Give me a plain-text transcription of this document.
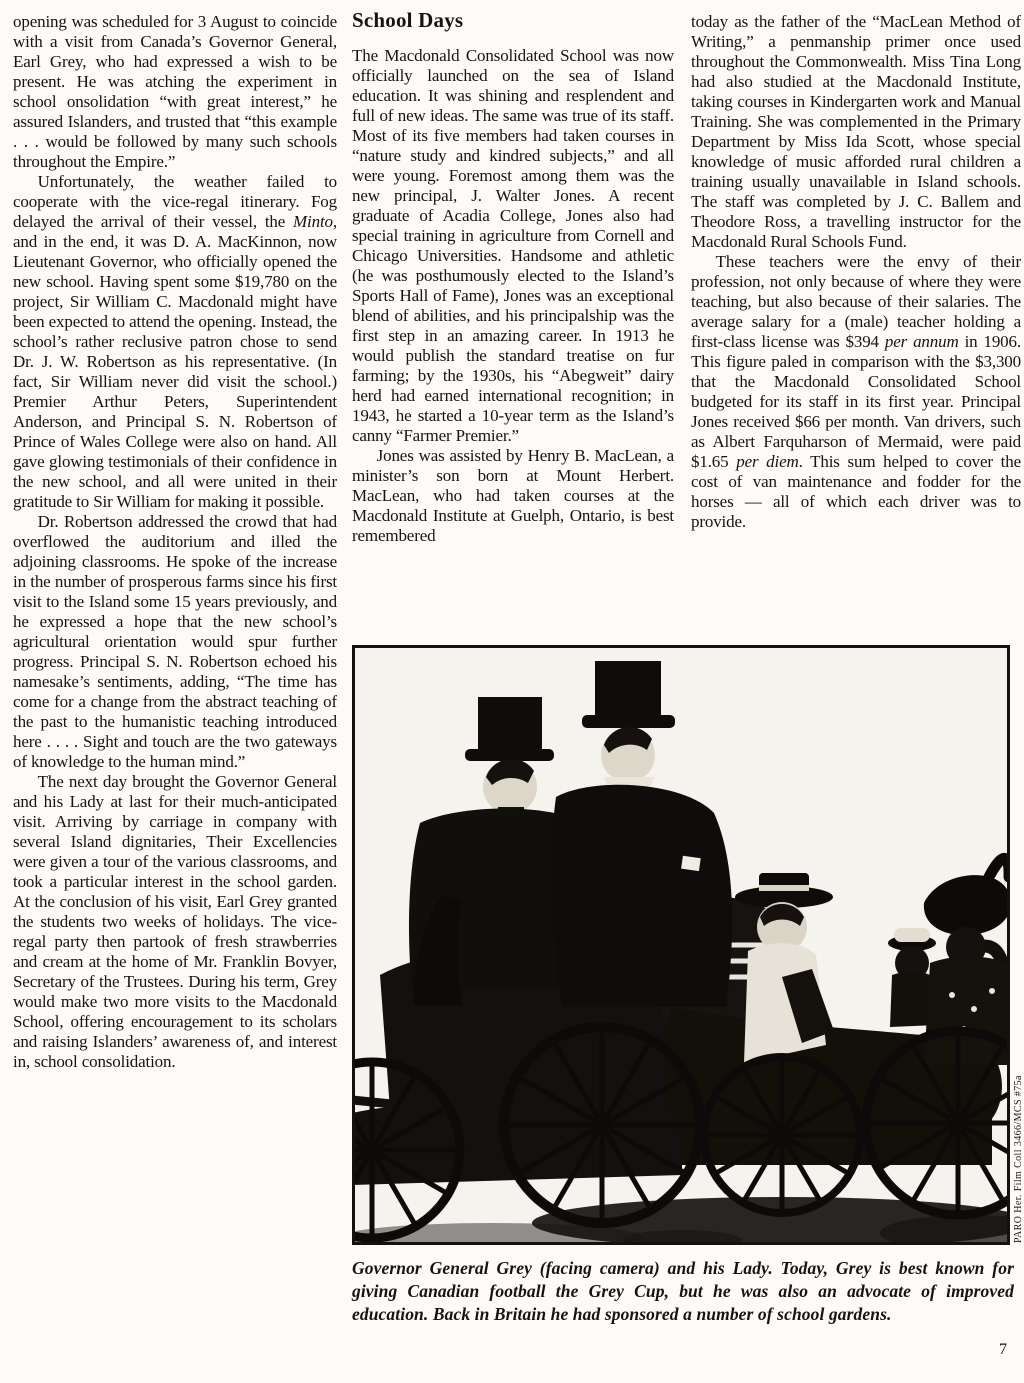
opening was scheduled for 3 August to coincide with a visit from Canada’s Governor General, Earl Grey, who had expressed a wish to be present. He was atching the experiment in school onsolidation “with great interest,” he assured Islanders, and trusted that “this example . . . would be followed by many such schools throughout the Empire.”

Unfortunately, the weather failed to cooperate with the vice-regal itinerary. Fog delayed the arrival of their vessel, the Minto, and in the end, it was D. A. MacKinnon, now Lieutenant Governor, who officially opened the new school. Having spent some $19,780 on the project, Sir William C. Macdonald might have been expected to attend the opening. Instead, the school’s rather reclusive patron chose to send Dr. J. W. Robertson as his representative. (In fact, Sir William never did visit the school.) Premier Arthur Peters, Superintendent Anderson, and Principal S. N. Robertson of Prince of Wales College were also on hand. All gave glowing testimonials of their confidence in the new school, and all were united in their gratitude to Sir William for making it possible.

Dr. Robertson addressed the crowd that had overflowed the auditorium and illed the adjoining classrooms. He spoke of the increase in the number of prosperous farms since his first visit to the Island some 15 years previously, and he expressed a hope that the new school’s agricultural orientation would spur further progress. Principal S. N. Robertson echoed his namesake’s sentiments, adding, “The time has come for a change from the abstract teaching of the past to the humanistic teaching introduced here . . . . Sight and touch are the two gateways of knowledge to the human mind.”

The next day brought the Governor General and his Lady at last for their much-anticipated visit. Arriving by carriage in company with several Island dignitaries, Their Excellencies were given a tour of the various classrooms, and took a particular interest in the school garden. At the conclusion of his visit, Earl Grey granted the students two weeks of holidays. The vice-regal party then partook of fresh strawberries and cream at the home of Mr. Franklin Bovyer, Secretary of the Trustees. During his term, Grey would make two more visits to the Macdonald School, offering encouragement to its scholars and raising Islanders’ awareness of, and interest in, school consolidation.

School Days

The Macdonald Consolidated School was now officially launched on the sea of Island education. It was shining and resplendent and full of new ideas. The same was true of its staff. Most of its five members had taken courses in “nature study and kindred subjects,” and all were young. Foremost among them was the new principal, J. Walter Jones. A recent graduate of Acadia College, Jones also had special training in agriculture from Cornell and Chicago Universities. Handsome and athletic (he was posthumously elected to the Island’s Sports Hall of Fame), Jones was an exceptional blend of abilities, and his principalship was the first step in an amazing career. In 1913 he would publish the standard treatise on fur farming; by the 1930s, his “Abegweit” dairy herd had earned international recognition; in 1943, he started a 10-year term as the Island’s canny “Farmer Premier.”

Jones was assisted by Henry B. MacLean, a minister’s son born at Mount Herbert. MacLean, who had taken courses at the Macdonald Institute at Guelph, Ontario, is best remembered

today as the father of the “MacLean Method of Writing,” a penmanship primer once used throughout the Commonwealth. Miss Tina Long had also studied at the Macdonald Institute, taking courses in Kindergarten work and Manual Training. She was complemented in the Primary Department by Miss Ida Scott, whose special knowledge of music afforded rural children a training usually unavailable in Island schools. The staff was completed by J. C. Ballem and Theodore Ross, a travelling instructor for the Macdonald Rural Schools Fund.

These teachers were the envy of their profession, not only because of where they were teaching, but also because of their salaries. The average salary for a (male) teacher holding a first-class license was $394 per annum in 1906. This figure paled in comparison with the $3,300 that the Macdonald Consolidated School budgeted for its staff in its first year. Principal Jones received $66 per month. Van drivers, such as Albert Farquharson of Mermaid, were paid $1.65 per diem. This sum helped to cover the cost of van maintenance and fodder for the horses — all of which each driver was to provide.

PARO Her. Film Coll 3466/MCS #75a
Governor General Grey (facing camera) and his Lady. Today, Grey is best known for giving Canadian football the Grey Cup, but he was also an advocate of improved education. Back in Britain he had sponsored a number of school gardens.
7
